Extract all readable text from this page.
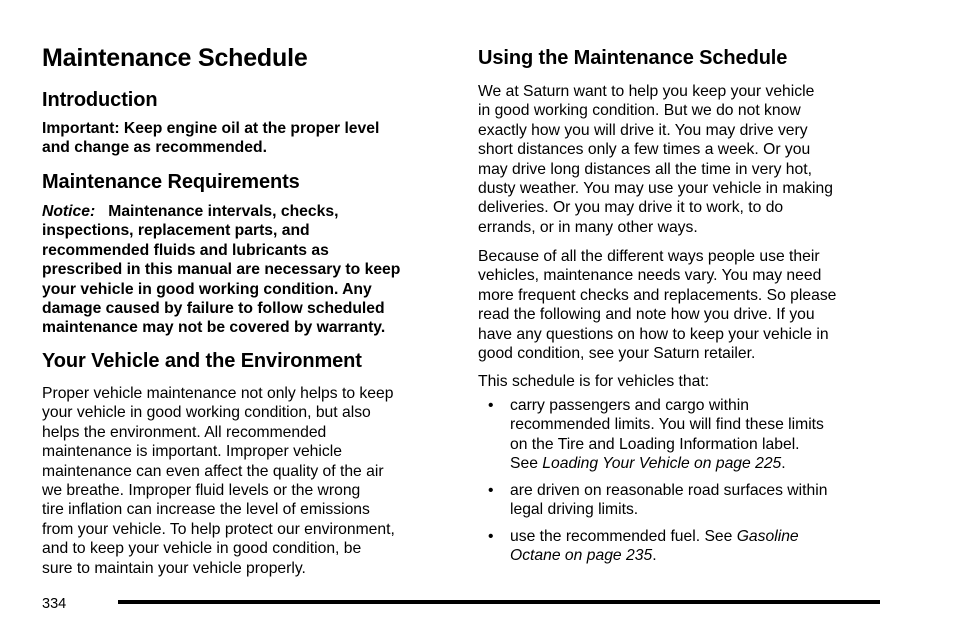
Maintenance Schedule
Introduction

Important: Keep engine oil at the proper level
and change as recommended.

Maintenance Requirements

Notice: Maintenance intervals, checks,
inspections, replacement parts, and
recommended fluids and lubricants as
prescribed in this manual are necessary to keep
your vehicle in good working condition. Any
damage caused by failure to follow scheduled
maintenance may not be covered by warranty.

Your Vehicle and the Environment

Proper vehicle maintenance not only helps to keep
your vehicle in good working condition, but also
helps the environment. All recommended
maintenance is important. Improper vehicle
maintenance can even affect the quality of the air
we breathe. Improper fluid levels or the wrong
tire inflation can increase the level of emissions
from your vehicle. To help protect our environment,
and to keep your vehicle in good condition, be
sure to maintain your vehicle properly.

Using the Maintenance Schedule

We at Saturn want to help you keep your vehicle
in good working condition. But we do not know
exactly how you will drive it. You may drive very
short distances only a few times a week. Or you
may drive long distances all the time in very hot,
dusty weather. You may use your vehicle in making
deliveries. Or you may drive it to work, to do
errands, or in many other ways.

Because of all the different ways people use their
vehicles, maintenance needs vary. You may need
more frequent checks and replacements. So please
read the following and note how you drive. If you
have any questions on how to keep your vehicle in
good condition, see your Saturn retailer.

This schedule is for vehicles that:

• carry passengers and cargo within
recommended limits. You will find these limits
on the Tire and Loading Information label.
See Loading Your Vehicle on page 225.

• are driven on reasonable road surfaces within
legal driving limits.

• use the recommended fuel. See Gasoline
Octane on page 235.

334
